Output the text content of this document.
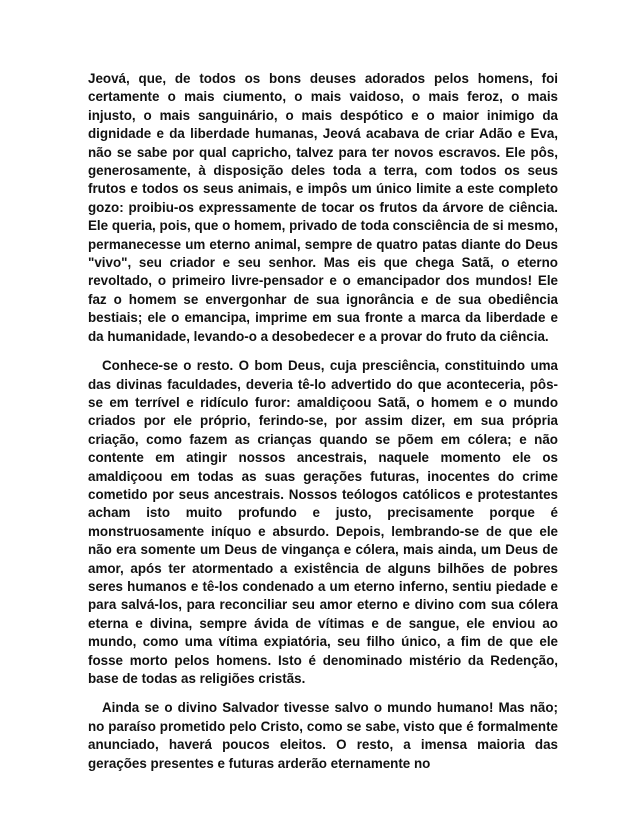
Jeová, que, de todos os bons deuses adorados pelos homens, foi certamente o mais ciumento, o mais vaidoso, o mais feroz, o mais injusto, o mais sanguinário, o mais despótico e o maior inimigo da dignidade e da liberdade humanas, Jeová acabava de criar Adão e Eva, não se sabe por qual capricho, talvez para ter novos escravos. Ele pôs, generosamente, à disposição deles toda a terra, com todos os seus frutos e todos os seus animais, e impôs um único limite a este completo gozo: proibiu-os expressamente de tocar os frutos da árvore de ciência. Ele queria, pois, que o homem, privado de toda consciência de si mesmo, permanecesse um eterno animal, sempre de quatro patas diante do Deus "vivo", seu criador e seu senhor. Mas eis que chega Satã, o eterno revoltado, o primeiro livre-pensador e o emancipador dos mundos! Ele faz o homem se envergonhar de sua ignorância e de sua obediência bestiais; ele o emancipa, imprime em sua fronte a marca da liberdade e da humanidade, levando-o a desobedecer e a provar do fruto da ciência.

Conhece-se o resto. O bom Deus, cuja presciência, constituindo uma das divinas faculdades, deveria tê-lo advertido do que aconteceria, pôs-se em terrível e ridículo furor: amaldiçoou Satã, o homem e o mundo criados por ele próprio, ferindo-se, por assim dizer, em sua própria criação, como fazem as crianças quando se põem em cólera; e não contente em atingir nossos ancestrais, naquele momento ele os amaldiçoou em todas as suas gerações futuras, inocentes do crime cometido por seus ancestrais. Nossos teólogos católicos e protestantes acham isto muito profundo e justo, precisamente porque é monstruosamente iníquo e absurdo. Depois, lembrando-se de que ele não era somente um Deus de vingança e cólera, mais ainda, um Deus de amor, após ter atormentado a existência de alguns bilhões de pobres seres humanos e tê-los condenado a um eterno inferno, sentiu piedade e para salvá-los, para reconciliar seu amor eterno e divino com sua cólera eterna e divina, sempre ávida de vítimas e de sangue, ele enviou ao mundo, como uma vítima expiatória, seu filho único, a fim de que ele fosse morto pelos homens. Isto é denominado mistério da Redenção, base de todas as religiões cristãs.

Ainda se o divino Salvador tivesse salvo o mundo humano! Mas não; no paraíso prometido pelo Cristo, como se sabe, visto que é formalmente anunciado, haverá poucos eleitos. O resto, a imensa maioria das gerações presentes e futuras arderão eternamente no
